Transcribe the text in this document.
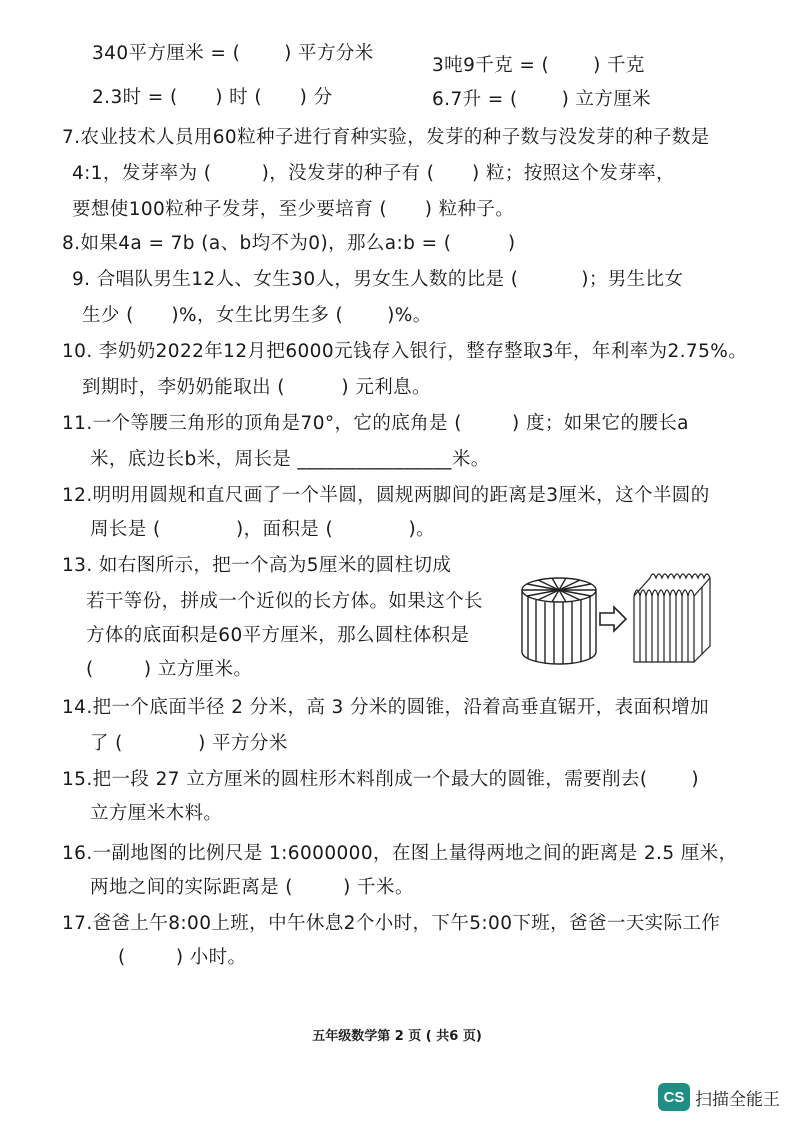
340平方厘米 = (       ) 平方分米
3吨9千克 = (       ) 千克
2.3时 = (      ) 时 (      ) 分	6.7升 = (       ) 立方厘米
7.农业技术人员用60粒种子进行育种实验，发芽的种子数与没发芽的种子数是
4:1，发芽率为 (        )，没发芽的种子有 (      ) 粒；按照这个发芽率，
要想使100粒种子发芽，至少要培育 (      ) 粒种子。
8.如果4a = 7b (a、b均不为0)，那么a:b = (         )
9. 合唱队男生12人、女生30人，男女生人数的比是 (          )；男生比女
生少 (      )%，女生比男生多 (       )%。
10. 李奶奶2022年12月把6000元钱存入银行，整存整取3年，年利率为2.75%。
到期时，李奶奶能取出 (         ) 元利息。
11.一个等腰三角形的顶角是70°，它的底角是 (        ) 度；如果它的腰长a
米，底边长b米，周长是 ________________米。
12.明明用圆规和直尺画了一个半圆，圆规两脚间的距离是3厘米，这个半圆的
周长是 (            )，面积是 (            )。
13. 如右图所示，把一个高为5厘米的圆柱切成
若干等份，拼成一个近似的长方体。如果这个长
方体的底面积是60平方厘米，那么圆柱体积是
(        ) 立方厘米。
14.把一个底面半径 2 分米，高 3 分米的圆锥，沿着高垂直锯开，表面积增加
了 (            ) 平方分米
15.把一段 27 立方厘米的圆柱形木料削成一个最大的圆锥，需要削去(       )
立方厘米木料。
16.一副地图的比例尺是 1:6000000，在图上量得两地之间的距离是 2.5 厘米，
两地之间的实际距离是 (        ) 千米。
17.爸爸上午8:00上班，中午休息2个小时，下午5:00下班，爸爸一天实际工作
(        ) 小时。
五年级数学第 2 页 ( 共6 页)
CS 扫描全能王
